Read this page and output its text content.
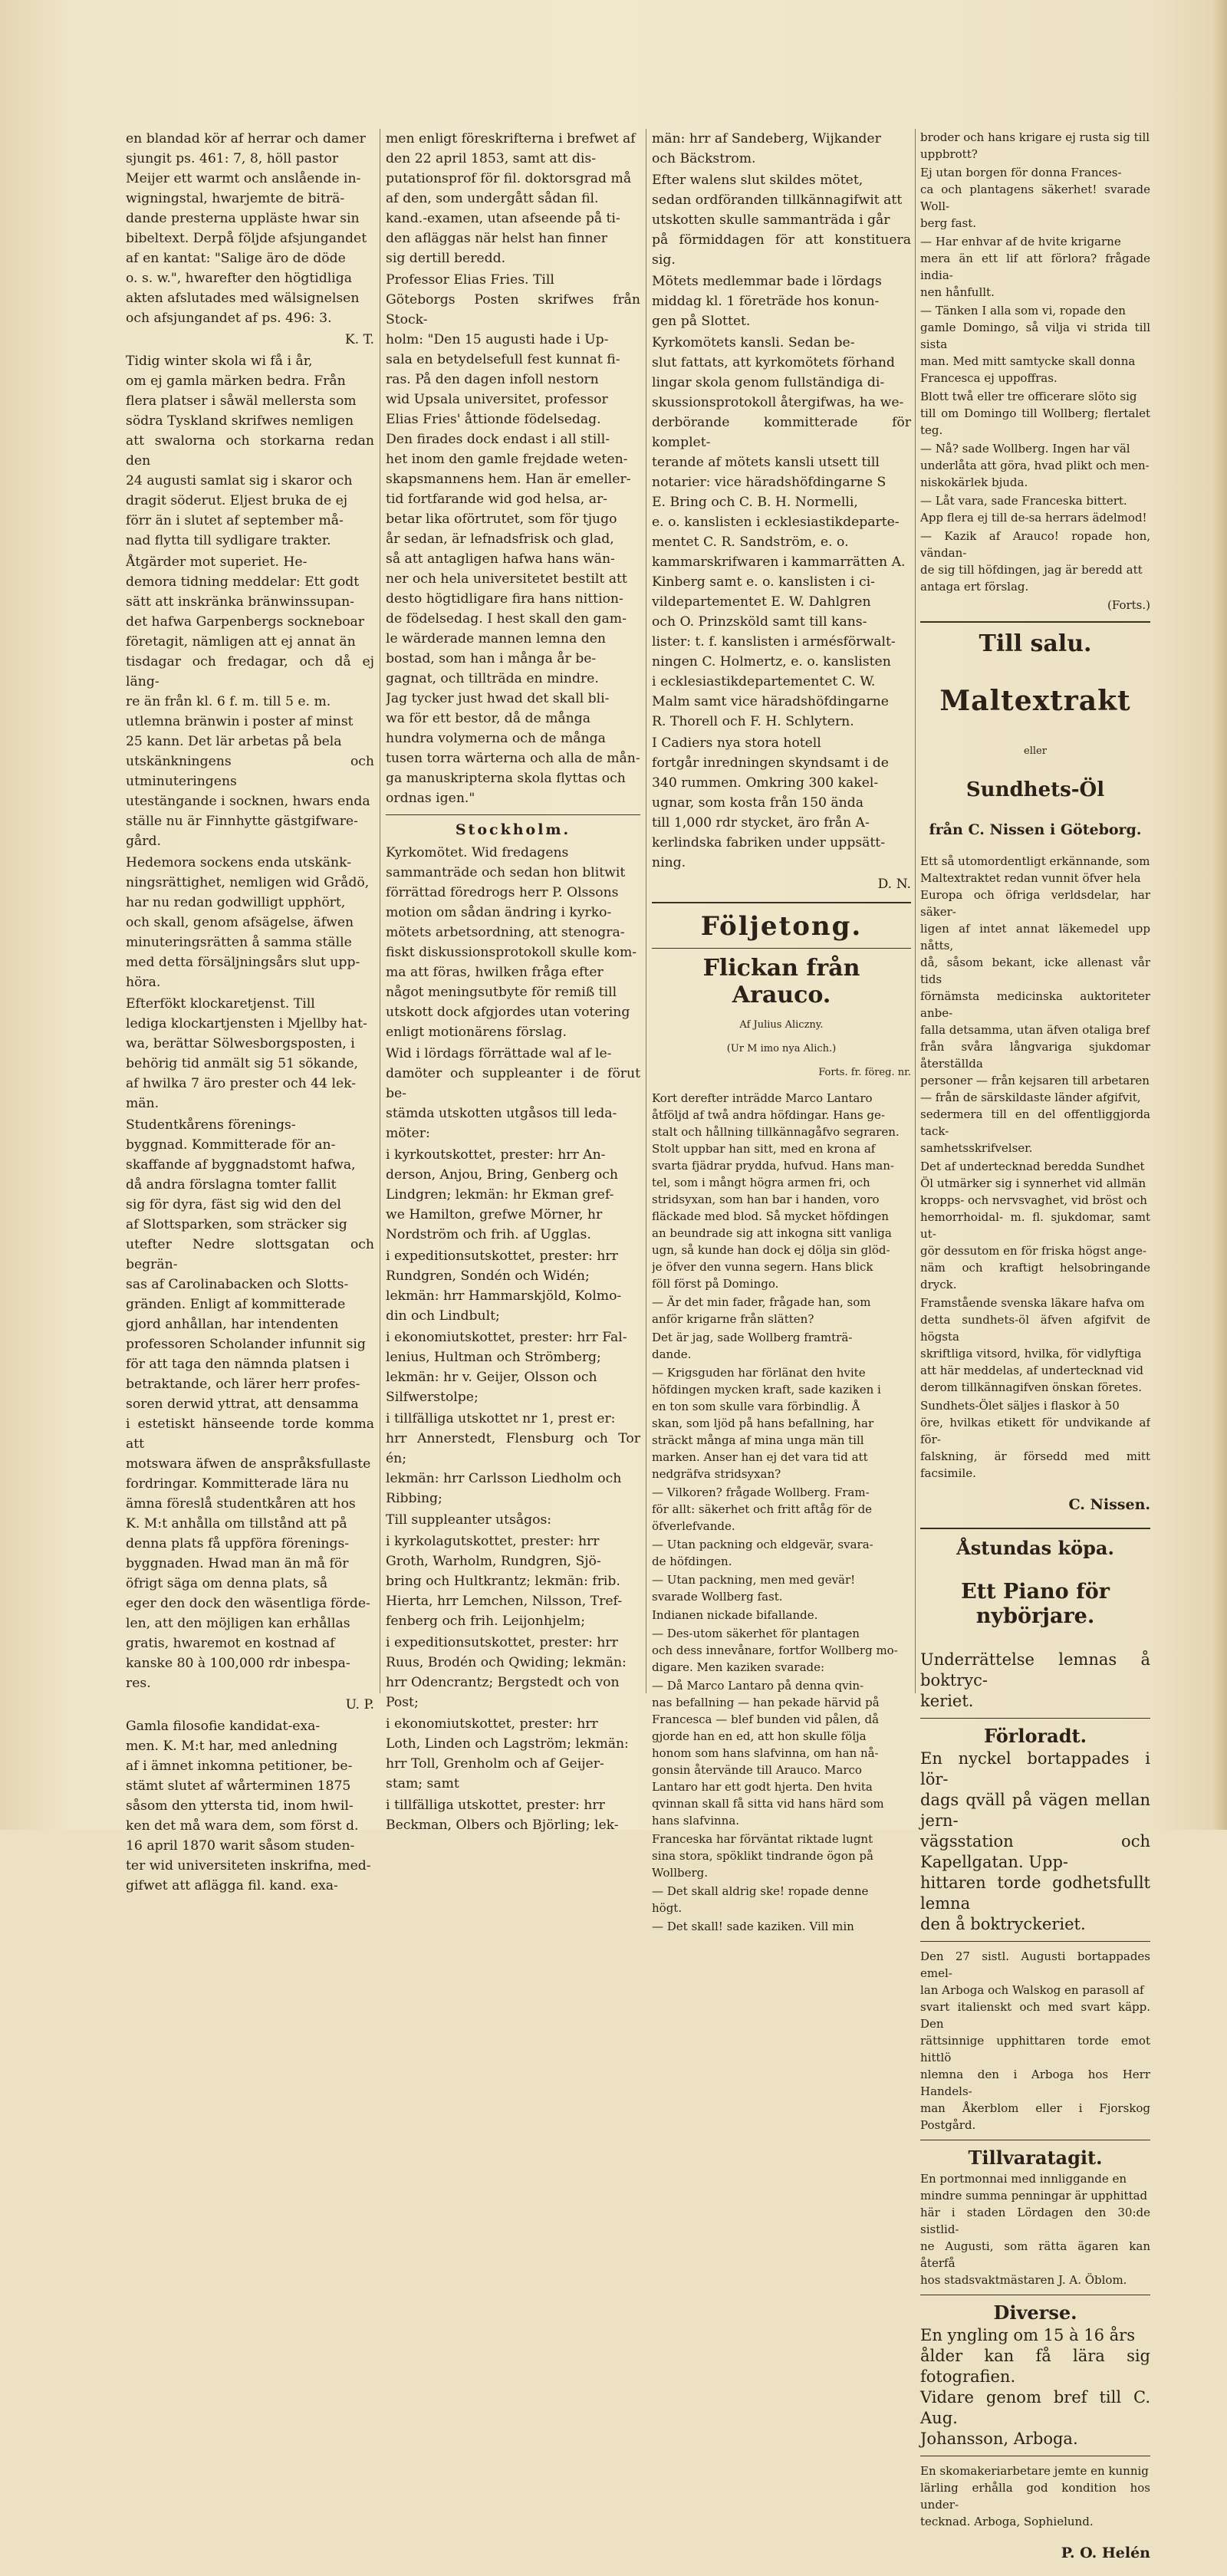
en blandad kör af herrar och damer
sjungit ps. 461: 7, 8, höll pastor
Meijer ett warmt och anslående in-
wigningstal, hwarjemte de biträ-
dande presterna uppläste hwar sin
bibeltext. Derpå följde afsjungandet
af en kantat: "Salige äro de döde
o. s. w.", hwarefter den högtidliga
akten afslutades med wälsignelsen
och afsjungandet af ps. 496: 3.

K. T.

Tidig winter skola wi få i år,
om ej gamla märken bedra. Från
flera platser i såwäl mellersta som
södra Tyskland skrifwes nemligen
att swalorna och storkarna redan den
24 augusti samlat sig i skaror och
dragit söderut. Eljest bruka de ej
förr än i slutet af september må-
nad flytta till sydligare trakter.

Åtgärder mot superiet. He-
demora tidning meddelar: Ett godt
sätt att inskränka bränwinssupan-
det hafwa Garpenbergs sockneboar
företagit, nämligen att ej annat än
tisdagar och fredagar, och då ej läng-
re än från kl. 6 f. m. till 5 e. m.
utlemna bränwin i poster af minst
25 kann. Det lär arbetas på bela
utskänkningens och utminuteringens
utestängande i socknen, hwars enda
ställe nu är Finnhytte gästgifware-
gård.

Hedemora sockens enda utskänk-
ningsrättighet, nemligen wid Grådö,
har nu redan godwilligt upphört,
och skall, genom afsägelse, äfwen
minuteringsrätten å samma ställe
med detta försäljningsårs slut upp-
höra.

Efterfökt klockaretjenst. Till
lediga klockartjensten i Mjellby hat-
wa, berättar Sölwesborgsposten, i
behörig tid anmält sig 51 sökande,
af hwilka 7 äro prester och 44 lek-
män.

Studentkårens förenings-
byggnad. Kommitterade för an-
skaffande af byggnadstomt hafwa,
då andra förslagna tomter fallit
sig för dyra, fäst sig wid den del
af Slottsparken, som sträcker sig
utefter Nedre slottsgatan och begrän-
sas af Carolinabacken och Slotts-
gränden. Enligt af kommitterade
gjord anhållan, har intendenten
professoren Scholander infunnit sig
för att taga den nämnda platsen i
betraktande, och lärer herr profes-
soren derwid yttrat, att densamma
i estetiskt hänseende torde komma att
motswara äfwen de anspråksfullaste
fordringar. Kommitterade lära nu
ämna föreslå studentkåren att hos
K. M:t anhålla om tillstånd att på
denna plats få uppföra förenings-
byggnaden. Hwad man än må för
öfrigt säga om denna plats, så
eger den dock den wäsentliga förde-
len, att den möjligen kan erhållas
gratis, hwaremot en kostnad af
kanske 80 à 100,000 rdr inbespa-
res.

U. P.

Gamla filosofie kandidat-exa-
men. K. M:t har, med anledning
af i ämnet inkomna petitioner, be-
stämt slutet af wårterminen 1875
såsom den yttersta tid, inom hwil-
ken det må wara dem, som först d.
16 april 1870 warit såsom studen-
ter wid universiteten inskrifna, med-
gifwet att aflägga fil. kand. exa-

men enligt föreskrifterna i brefwet af
den 22 april 1853, samt att dis-
putationsprof för fil. doktorsgrad må
af den, som undergått sådan fil.
kand.-examen, utan afseende på ti-
den afläggas när helst han finner
sig dertill beredd.

Professor Elias Fries. Till
Göteborgs Posten skrifwes från Stock-
holm: "Den 15 augusti hade i Up-
sala en betydelsefull fest kunnat fi-
ras. På den dagen infoll nestorn
wid Upsala universitet, professor
Elias Fries' åttionde födelsedag.
Den firades dock endast i all still-
het inom den gamle frejdade weten-
skapsmannens hem. Han är emeller-
tid fortfarande wid god helsa, ar-
betar lika oförtrutet, som för tjugo
år sedan, är lefnadsfrisk och glad,
så att antagligen hafwa hans wän-
ner och hela universitetet bestilt att
desto högtidligare fira hans nittion-
de födelsedag. I hest skall den gam-
le wärderade mannen lemna den
bostad, som han i många år be-
gagnat, och tillträda en mindre.
Jag tycker just hwad det skall bli-
wa för ett bestor, då de många
hundra volymerna och de många
tusen torra wärterna och alla de mån-
ga manuskripterna skola flyttas och
ordnas igen."

Stockholm.

Kyrkomötet. Wid fredagens
sammanträde och sedan hon blitwit
förrättad föredrogs herr P. Olssons
motion om sådan ändring i kyrko-
mötets arbetsordning, att stenogra-
fiskt diskussionsprotokoll skulle kom-
ma att föras, hwilken fråga efter
något meningsutbyte för remiß till
utskott dock afgjordes utan votering
enligt motionärens förslag.

Wid i lördags förrättade wal af le-
damöter och suppleanter i de förut be-
stämda utskotten utgåsos till leda-
möter:

i kyrkoutskottet, prester: hrr An-
derson, Anjou, Bring, Genberg och
Lindgren; lekmän: hr Ekman gref-
we Hamilton, grefwe Mörner, hr
Nordström och frih. af Ugglas.

i expeditionsutskottet, prester: hrr
Rundgren, Sondén och Widén;
lekmän: hrr Hammarskjöld, Kolmo-
din och Lindbult;

i ekonomiutskottet, prester: hrr Fal-
lenius, Hultman och Strömberg;
lekmän: hr v. Geijer, Olsson och
Silfwerstolpe;

i tillfälliga utskottet nr 1, prest er:
hrr Annerstedt, Flensburg och Tor én;
lekmän: hrr Carlsson Liedholm och
Ribbing;

Till suppleanter utsågos:

i kyrkolagutskottet, prester: hrr
Groth, Warholm, Rundgren, Sjö-
bring och Hultkrantz; lekmän: frib.
Hierta, hrr Lemchen, Nilsson, Tref-
fenberg och frih. Leijonhjelm;

i expeditionsutskottet, prester: hrr
Ruus, Brodén och Qwiding; lekmän:
hrr Odencrantz; Bergstedt och von
Post;

i ekonomiutskottet, prester: hrr
Loth, Linden och Lagström; lekmän:
hrr Toll, Grenholm och af Geijer-
stam; samt

i tillfälliga utskottet, prester: hrr
Beckman, Olbers och Björling; lek-

män: hrr af Sandeberg, Wijkander
och Bäckstrom.

Efter walens slut skildes mötet,
sedan ordföranden tillkännagifwit att
utskotten skulle sammanträda i går
på förmiddagen för att konstituera sig.

Mötets medlemmar bade i lördags
middag kl. 1 företräde hos konun-
gen på Slottet.

Kyrkomötets kansli. Sedan be-
slut fattats, att kyrkomötets förhand
lingar skola genom fullständiga di-
skussionsprotokoll återgifwas, ha we-
derbörande kommitterade för komplet-
terande af mötets kansli utsett till
notarier: vice häradshöfdingarne S
E. Bring och C. B. H. Normelli,
e. o. kanslisten i ecklesiastikdeparte-
mentet C. R. Sandström, e. o.
kammarskrifwaren i kammarrätten A.
Kinberg samt e. o. kanslisten i ci-
vildepartementet E. W. Dahlgren
och O. Prinzsköld samt till kans-
lister: t. f. kanslisten i armésförwalt-
ningen C. Holmertz, e. o. kanslisten
i ecklesiastikdepartementet C. W.
Malm samt vice häradshöfdingarne
R. Thorell och F. H. Schlytern.

I Cadiers nya stora hotell
fortgår inredningen skyndsamt i de
340 rummen. Omkring 300 kakel-
ugnar, som kosta från 150 ända
till 1,000 rdr stycket, äro från A-
kerlindska fabriken under uppsätt-
ning.

D. N.

Följetong.

Flickan från Arauco.

Af Julius Aliczny.

(Ur M imo nya Alich.)

Forts. fr. föreg. nr.

Kort derefter inträdde Marco Lantaro
åtföljd af twå andra höfdingar. Hans ge-
stalt och hållning tillkännagåfvo segraren.
Stolt uppbar han sitt, med en krona af
svarta fjädrar prydda, hufvud. Hans man-
tel, som i mångt högra armen fri, och
stridsyxan, som han bar i handen, voro
fläckade med blod. Så mycket höfdingen
an beundrade sig att inkogna sitt vanliga
ugn, så kunde han dock ej dölja sin glöd-
je öfver den vunna segern. Hans blick
föll först på Domingo.

— Är det min fader, frågade han, som
anför krigarne från slätten?

Det är jag, sade Wollberg framträ-
dande.

— Krigsguden har förlänat den hvite
höfdingen mycken kraft, sade kaziken i
en ton som skulle vara förbindlig. Å
skan, som ljöd på hans befallning, har
sträckt många af mina unga män till
marken. Anser han ej det vara tid att
nedgräfva stridsyxan?

— Vilkoren? frågade Wollberg. Fram-
för allt: säkerhet och fritt aftåg för de
öfverlefvande.

— Utan packning och eldgevär, svara-
de höfdingen.

— Utan packning, men med gevär!
svarade Wollberg fast.

Indianen nickade bifallande.

— Des-utom säkerhet för plantagen
och dess innevånare, fortfor Wollberg mo-
digare. Men kaziken svarade:

— Då Marco Lantaro på denna qvin-
nas befallning — han pekade härvid på
Francesca — blef bunden vid pålen, då
gjorde han en ed, att hon skulle följa
honom som hans slafvinna, om han nå-
gonsin återvände till Arauco. Marco
Lantaro har ett godt hjerta. Den hvita
qvinnan skall få sitta vid hans härd som
hans slafvinna.

Franceska har förväntat riktade lugnt
sina stora, spöklikt tindrande ögon på
Wollberg.

— Det skall aldrig ske! ropade denne
högt.

— Det skall! sade kaziken. Vill min

broder och hans krigare ej rusta sig till
uppbrott?

Ej utan borgen för donna Frances-
ca och plantagens säkerhet! svarade Woll-
berg fast.

— Har enhvar af de hvite krigarne
mera än ett lif att förlora? frågade india-
nen hånfullt.

— Tänken I alla som vi, ropade den
gamle Domingo, så vilja vi strida till sista
man. Med mitt samtycke skall donna
Francesca ej uppoffras.

Blott twå eller tre officerare slöto sig
till om Domingo till Wollberg; flertalet teg.

— Nå? sade Wollberg. Ingen har väl
underlåta att göra, hvad plikt och men-
niskokärlek bjuda.

— Låt vara, sade Franceska bittert.
App flera ej till de-sa herrars ädelmod!

— Kazik af Arauco! ropade hon, vändan-
de sig till höfdingen, jag är beredd att
antaga ert förslag.

(Forts.)

Till salu.

Maltextrakt

eller

Sundhets-Öl

från C. Nissen i Göteborg.

Ett så utomordentligt erkännande, som
Maltextraktet redan vunnit öfver hela
Europa och öfriga verldsdelar, har säker-
ligen af intet annat läkemedel upp nåtts,
då, såsom bekant, icke allenast vår tids
förnämsta medicinska auktoriteter anbe-
falla detsamma, utan äfven otaliga bref
från svåra långvariga sjukdomar återställda
personer — från kejsaren till arbetaren
— från de särskildaste länder afgifvit,
sedermera till en del offentliggjorda tack-
samhetsskrifvelser.

Det af undertecknad beredda Sundhet
Öl utmärker sig i synnerhet vid allmän
kropps- och nervsvaghet, vid bröst och
hemorrhoidal- m. fl. sjukdomar, samt ut-
gör dessutom en för friska högst ange-
näm och kraftigt helsobringande dryck.

Framstående svenska läkare hafva om
detta sundhets-öl äfven afgifvit de högsta
skriftliga vitsord, hvilka, för vidlyftiga
att här meddelas, af undertecknad vid
derom tillkännagifven önskan företes.

Sundhets-Ölet säljes i flaskor à 50
öre, hvilkas etikett för undvikande af för-
falskning, är försedd med mitt facsimile.

C. Nissen.

Åstundas köpa.

Ett Piano för nybörjare.

Underrättelse lemnas å boktryc-
keriet.

Förloradt.

En nyckel bortappades i lör-
dags qväll på vägen mellan jern-
vägsstation och Kapellgatan. Upp-
hittaren torde godhetsfullt lemna
den å boktryckeriet.

Den 27 sistl. Augusti bortappades emel-
lan Arboga och Walskog en parasoll af
svart italienskt och med svart käpp. Den
rättsinnige upphittaren torde emot hittlö
nlemna den i Arboga hos Herr Handels-
man Åkerblom eller i Fjorskog Postgård.

Tillvaratagit.

En portmonnai med innliggande en
mindre summa penningar är upphittad
här i staden Lördagen den 30:de sistlid-
ne Augusti, som rätta ägaren kan återfå
hos stadsvaktmästaren J. A. Öblom.

Diverse.

En yngling om 15 à 16 års
ålder kan få lära sig fotografien.
Vidare genom bref till C. Aug.
Johansson, Arboga.

En skomakeriarbetare jemte en kunnig
lärling erhålla god kondition hos under-
tecknad. Arboga, Sophielund.

P. O. Helén
